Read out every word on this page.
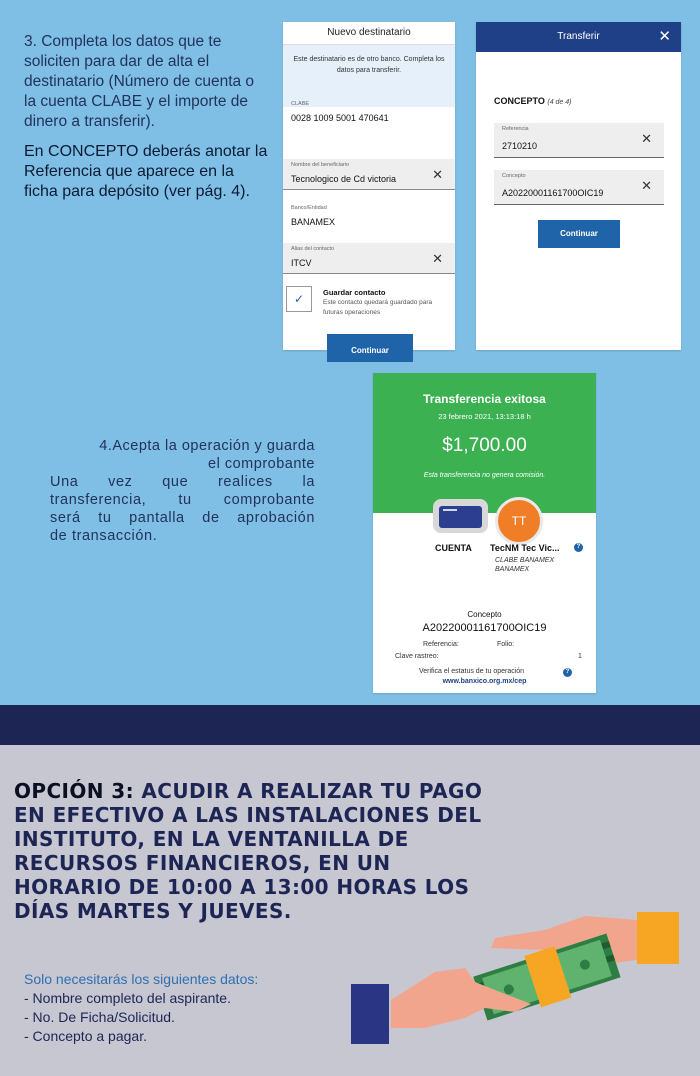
3. Completa los datos que te soliciten para dar de alta el destinatario (Número de cuenta o la cuenta CLABE y el importe de dinero a transferir).

En CONCEPTO deberás anotar la Referencia que aparece en la ficha para depósito (ver pág. 4).

Nuevo destinatario
Este destinatario es de otro banco. Completa los datos para transferir.
CLABE
0028 1009 5001 470641
Nombre del beneficiario
Tecnologico de Cd victoria	✕
Banco/Entidad
BANAMEX
Alias del contacto
ITCV	✕
✓	Guardar contacto
Este contacto quedará guardado para futuras operaciones
Continuar
Transferir	✕
CONCEPTO (4 de 4)
Referencia
2710210	✕
Concepto
A20220001161700OIC19	✕
Continuar
4.Acepta la operación y guarda
el comprobante
Una vez que realices la
transferencia, tu comprobante
será tu pantalla de aprobación
de transacción.
Transferencia exitosa
23 febrero 2021, 13:13:18 h
$1,700.00
Esta transferencia no genera comisión.
TT
CUENTA TecNM Tec Vic...	?
CLABE BANAMEX
BANAMEX
Concepto
A20220001161700OIC19
Referencia:	Folio:
Clave rastreo:	1
Verifica el estatus de tu operación	?
www.banxico.org.mx/cep
OPCIÓN 3: ACUDIR A REALIZAR TU PAGO EN EFECTIVO A LAS INSTALACIONES DEL INSTITUTO, EN LA VENTANILLA DE RECURSOS FINANCIEROS, EN UN HORARIO DE 10:00 A 13:00 HORAS LOS DÍAS MARTES Y JUEVES.
Solo necesitarás los siguientes datos:
- Nombre completo del aspirante.
- No. De Ficha/Solicitud.
- Concepto a pagar.
